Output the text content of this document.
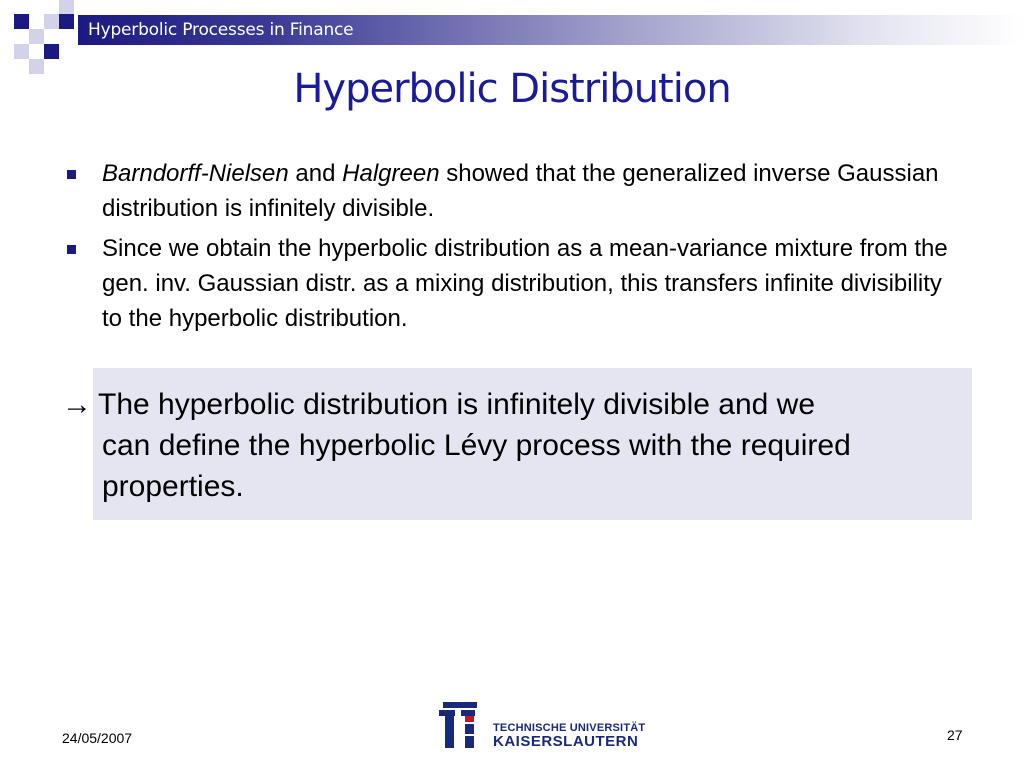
Hyperbolic Processes in Finance
Hyperbolic Distribution
Barndorff-Nielsen and Halgreen showed that the generalized inverse Gaussian distribution is infinitely divisible.
Since we obtain the hyperbolic distribution as a mean-variance mixture from the gen. inv. Gaussian distr. as a mixing distribution, this transfers infinite divisibility to the hyperbolic distribution.
→ The hyperbolic distribution is infinitely divisible and we
can define the hyperbolic Lévy process with the required properties.
24/05/2007	27
TECHNISCHE UNIVERSITÄT
KAISERSLAUTERN
